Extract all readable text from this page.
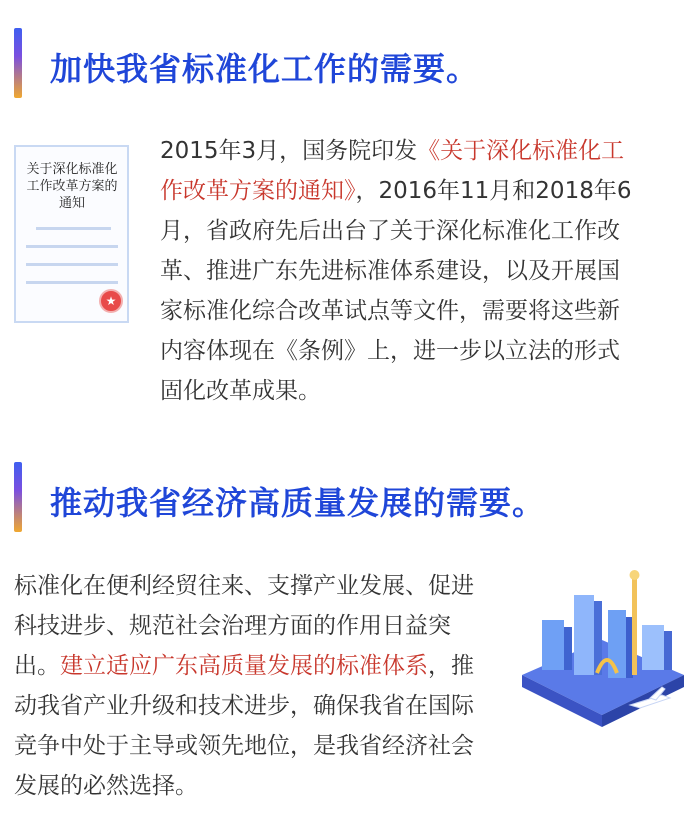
加快我省标准化工作的需要。
关于深化标准化工作改革方案的通知
★

2015年3月，国务院印发《关于深化标准化工作改革方案的通知》，2016年11月和2018年6月，省政府先后出台了关于深化标准化工作改革、推进广东先进标准体系建设，以及开展国家标准化综合改革试点等文件，需要将这些新内容体现在《条例》上，进一步以立法的形式固化改革成果。

推动我省经济高质量发展的需要。

标准化在便利经贸往来、支撑产业发展、促进科技进步、规范社会治理方面的作用日益突出。建立适应广东高质量发展的标准体系，推动我省产业升级和技术进步，确保我省在国际竞争中处于主导或领先地位，是我省经济社会发展的必然选择。
